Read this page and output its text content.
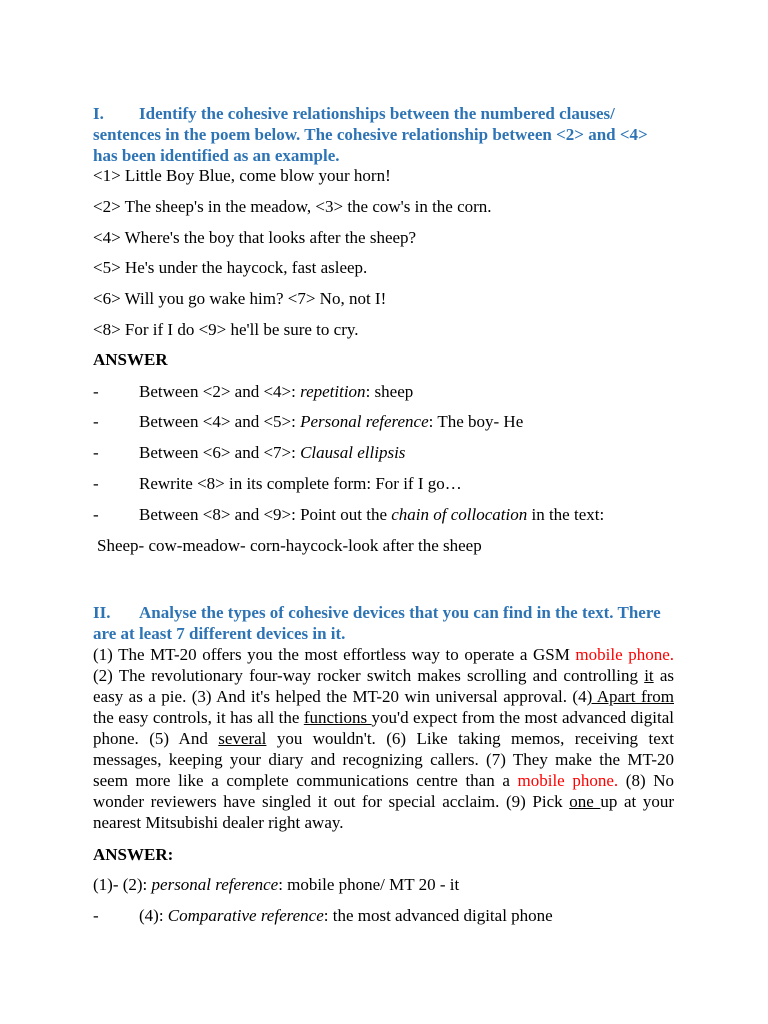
I. Identify the cohesive relationships between the numbered clauses/ sentences in the poem below. The cohesive relationship between <2> and <4> has been identified as an example.

<1> Little Boy Blue, come blow your horn!
<2> The sheep's in the meadow, <3> the cow's in the corn.
<4> Where's the boy that looks after the sheep?
<5> He's under the haycock, fast asleep.
<6> Will you go wake him? <7> No, not I!
<8> For if I do <9> he'll be sure to cry.
ANSWER
- Between <2> and <4>: repetition: sheep
- Between <4> and <5>: Personal reference: The boy- He
- Between <6> and <7>: Clausal ellipsis
- Rewrite <8> in its complete form: For if I go…
- Between <8> and <9>: Point out the chain of collocation in the text:
Sheep- cow-meadow- corn-haycock-look after the sheep

II. Analyse the types of cohesive devices that you can find in the text. There are at least 7 different devices in it.

(1) The MT-20 offers you the most effortless way to operate a GSM mobile phone. (2) The revolutionary four-way rocker switch makes scrolling and controlling it as easy as a pie. (3) And it's helped the MT-20 win universal approval. (4) Apart from the easy controls, it has all the functions you'd expect from the most advanced digital phone. (5) And several you wouldn't. (6) Like taking memos, receiving text messages, keeping your diary and recognizing callers. (7) They make the MT-20 seem more like a complete communications centre than a mobile phone. (8) No wonder reviewers have singled it out for special acclaim. (9) Pick one up at your nearest Mitsubishi dealer right away.

ANSWER:
(1)- (2): personal reference: mobile phone/ MT 20 - it
- (4): Comparative reference: the most advanced digital phone
